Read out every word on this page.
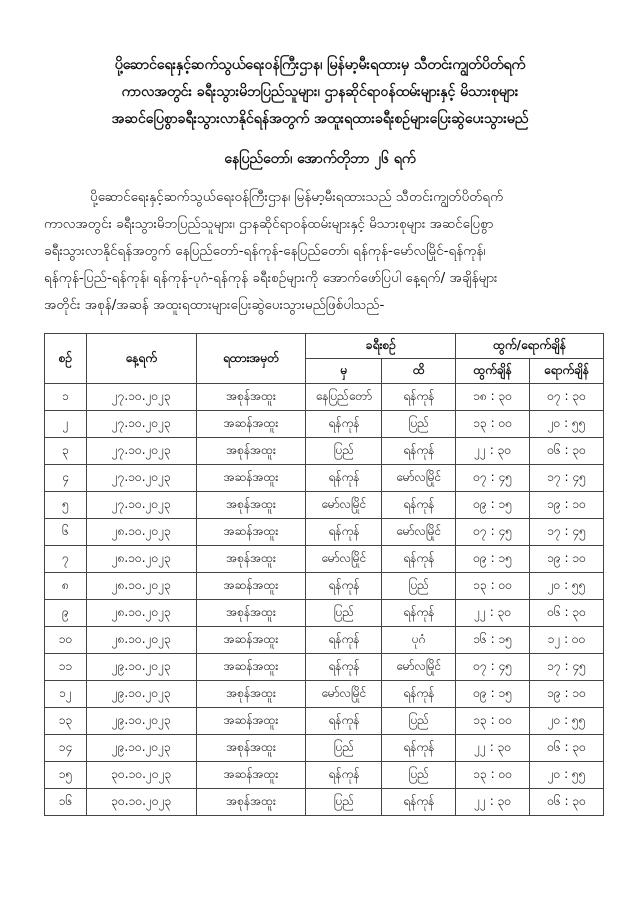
ပို့ဆောင်ရေးနှင့်ဆက်သွယ်ရေးဝန်ကြီးဌာန၊ မြန်မာ့မီးရထားမှ သီတင်းကျွတ်ပိတ်ရက်
ကာလအတွင်း ခရီးသွားမိဘပြည်သူများ၊ ဌာနဆိုင်ရာဝန်ထမ်းများနှင့် မိသားစုများ
အဆင်ပြေစွာခရီးသွားလာနိုင်ရန်အတွက် အထူးရထားခရီးစဉ်များပြေးဆွဲပေးသွားမည်
နေပြည်တော်၊ အောက်တိုဘာ ၂၆ ရက်
ပို့ဆောင်ရေးနှင့်ဆက်သွယ်ရေးဝန်ကြီးဌာန၊ မြန်မာ့မီးရထားသည် သီတင်းကျွတ်ပိတ်ရက်
ကာလအတွင်း ခရီးသွားမိဘပြည်သူများ၊ ဌာနဆိုင်ရာဝန်ထမ်းများနှင့် မိသားစုများ အဆင်ပြေစွာ
ခရီးသွားလာနိုင်ရန်အတွက် နေပြည်တော်-ရန်ကုန်-နေပြည်တော်၊ ရန်ကုန်-မော်လမြိုင်-ရန်ကုန်၊
ရန်ကုန်-ပြည်-ရန်ကုန်၊ ရန်ကုန်-ပုဂံ-ရန်ကုန် ခရီးစဉ်များကို အောက်ဖော်ပြပါ နေ့ရက်/ အချိန်များ
အတိုင်း အစုန်/အဆန် အထူးရထားများပြေးဆွဲပေးသွားမည်ဖြစ်ပါသည်-
စဉ်	နေ့ရက်	ရထားအမှတ်	ခရီးစဉ်		ထွက်/ရောက်ချိန်	
			မှ	ထိ	ထွက်ချိန်	ရောက်ချိန်
၁	၂၇.၁၀.၂၀၂၃	အစုန်အထူး	နေပြည်တော်	ရန်ကုန်	၁၈ : ၃၀	၀၇ : ၃၀
၂	၂၇.၁၀.၂၀၂၃	အဆန်အထူး	ရန်ကုန်	ပြည်	၁၃ : ၀၀	၂၀ : ၅၅
၃	၂၇.၁၀.၂၀၂၃	အစုန်အထူး	ပြည်	ရန်ကုန်	၂၂ : ၃၀	၀၆ : ၃၀
၄	၂၇.၁၀.၂၀၂၃	အဆန်အထူး	ရန်ကုန်	မော်လမြိုင်	၀၇ : ၄၅	၁၇ : ၄၅
၅	၂၇.၁၀.၂၀၂၃	အစုန်အထူး	မော်လမြိုင်	ရန်ကုန်	၀၉ : ၁၅	၁၉ : ၁၀
၆	၂၈.၁၀.၂၀၂၃	အဆန်အထူး	ရန်ကုန်	မော်လမြိုင်	၀၇ : ၄၅	၁၇ : ၄၅
၇	၂၈.၁၀.၂၀၂၃	အစုန်အထူး	မော်လမြိုင်	ရန်ကုန်	၀၉ : ၁၅	၁၉ : ၁၀
၈	၂၈.၁၀.၂၀၂၃	အဆန်အထူး	ရန်ကုန်	ပြည်	၁၃ : ၀၀	၂၀ : ၅၅
၉	၂၈.၁၀.၂၀၂၃	အစုန်အထူး	ပြည်	ရန်ကုန်	၂၂ : ၃၀	၀၆ : ၃၀
၁၀	၂၈.၁၀.၂၀၂၃	အဆန်အထူး	ရန်ကုန်	ပုဂံ	၁၆ : ၁၅	၁၂ : ၀၀
၁၁	၂၉.၁၀.၂၀၂၃	အဆန်အထူး	ရန်ကုန်	မော်လမြိုင်	၀၇ : ၄၅	၁၇ : ၄၅
၁၂	၂၉.၁၀.၂၀၂၃	အစုန်အထူး	မော်လမြိုင်	ရန်ကုန်	၀၉ : ၁၅	၁၉ : ၁၀
၁၃	၂၉.၁၀.၂၀၂၃	အဆန်အထူး	ရန်ကုန်	ပြည်	၁၃ : ၀၀	၂၀ : ၅၅
၁၄	၂၉.၁၀.၂၀၂၃	အစုန်အထူး	ပြည်	ရန်ကုန်	၂၂ : ၃၀	၀၆ : ၃၀
၁၅	၃၀.၁၀.၂၀၂၃	အဆန်အထူး	ရန်ကုန်	ပြည်	၁၃ : ၀၀	၂၀ : ၅၅
၁၆	၃၀.၁၀.၂၀၂၃	အစုန်အထူး	ပြည်	ရန်ကုန်	၂၂ : ၃၀	၀၆ : ၃၀
